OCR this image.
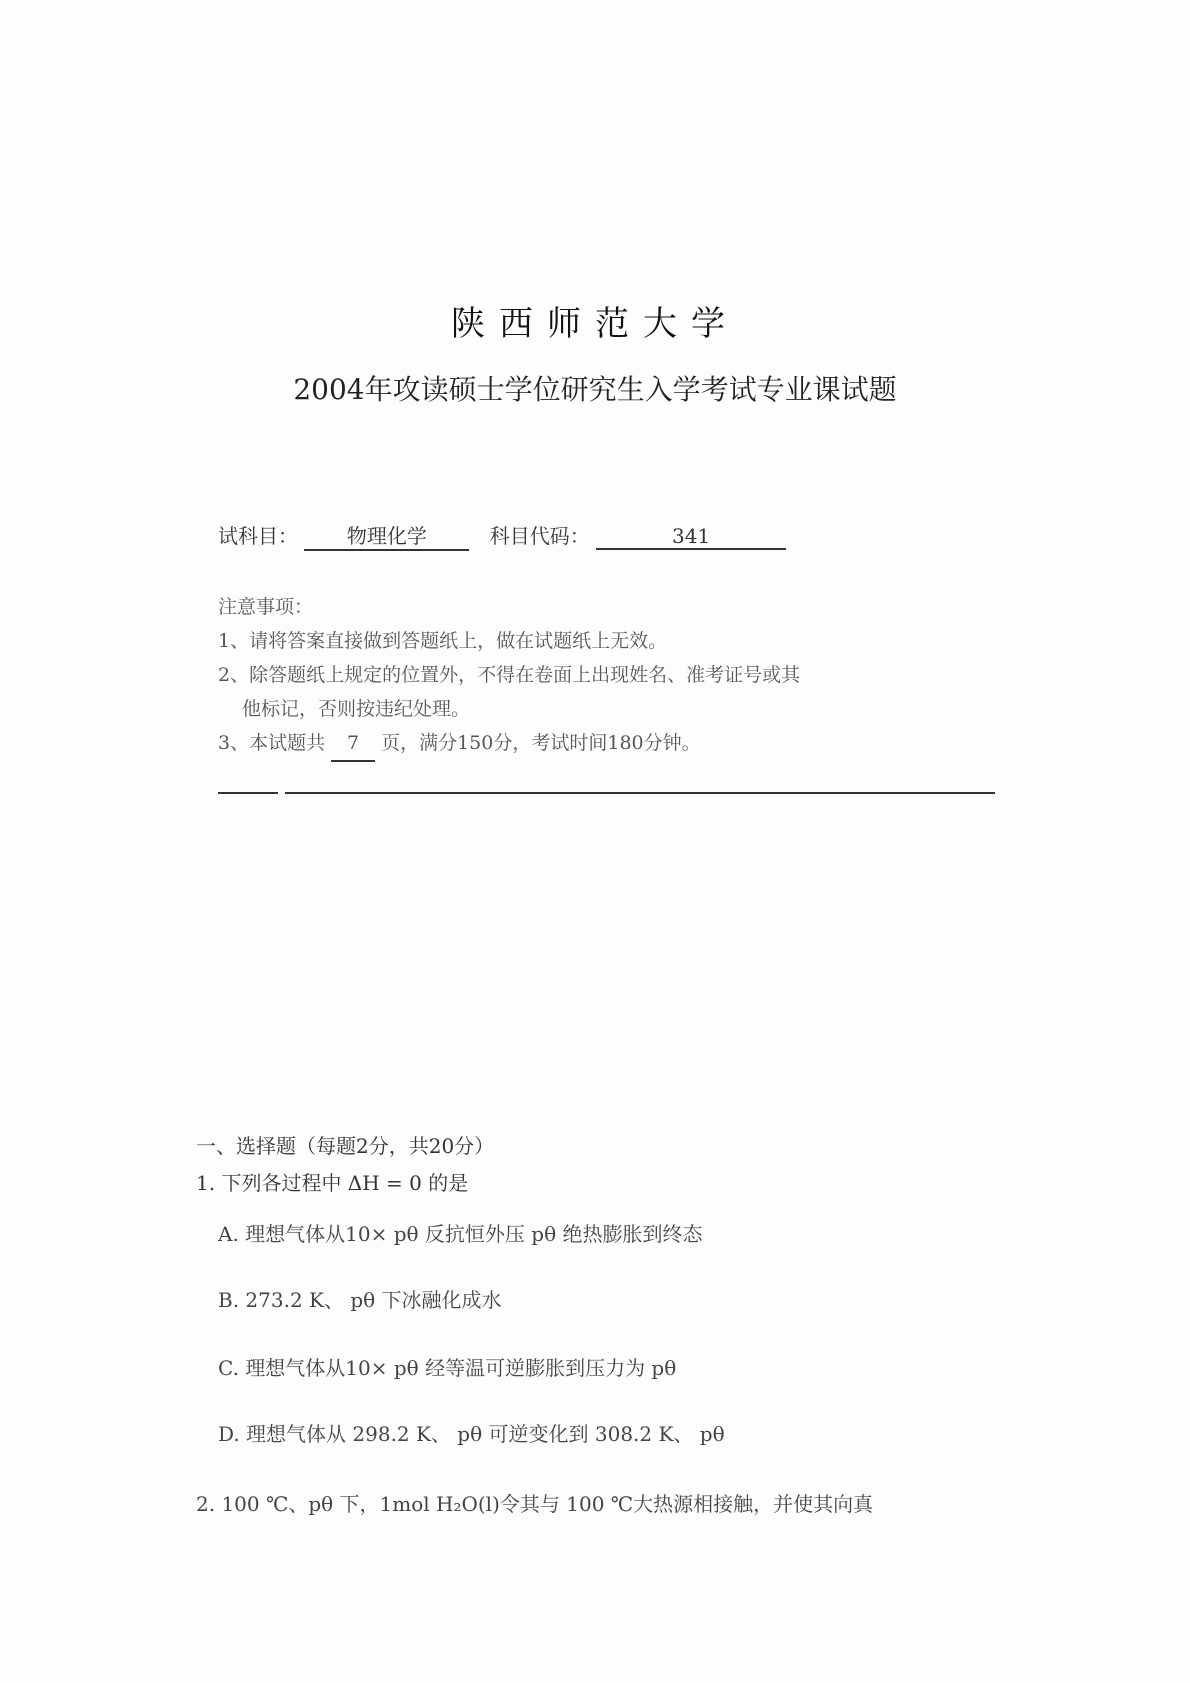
陕西师范大学
2004年攻读硕士学位研究生入学考试专业课试题
试科目： 物理化学	科目代码：	341
注意事项：
1、请将答案直接做到答题纸上，做在试题纸上无效。
2、除答题纸上规定的位置外，不得在卷面上出现姓名、准考证号或其
他标记，否则按违纪处理。
3、本试题共 7 页，满分150分，考试时间180分钟。
一、选择题（每题2分，共20分）
1. 下列各过程中 ΔH = 0 的是
A. 理想气体从10× pθ 反抗恒外压 pθ 绝热膨胀到终态
B. 273.2 K、 pθ 下冰融化成水
C. 理想气体从10× pθ 经等温可逆膨胀到压力为 pθ
D. 理想气体从 298.2 K、 pθ 可逆变化到 308.2 K、 pθ
2. 100 ℃、pθ 下，1mol H₂O(l)令其与 100 ℃大热源相接触，并使其向真
